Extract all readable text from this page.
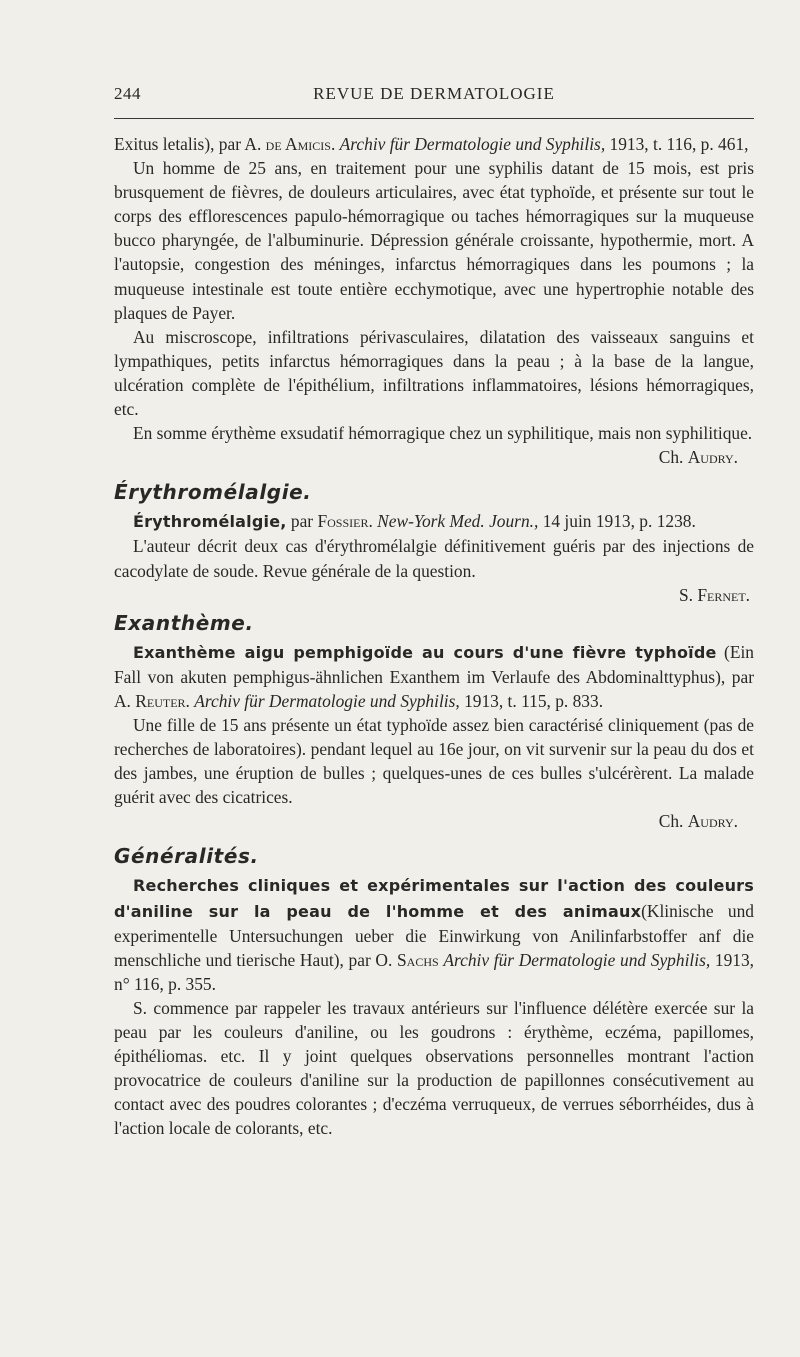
244	REVUE DE DERMATOLOGIE

Exitus letalis), par A. de Amicis. Archiv für Dermatologie und Syphilis, 1913, t. 116, p. 461,

Un homme de 25 ans, en traitement pour une syphilis datant de 15 mois, est pris brusquement de fièvres, de douleurs articulaires, avec état typhoïde, et présente sur tout le corps des efflorescences papulo-hémorragique ou taches hémorragiques sur la muqueuse bucco pharyngée, de l'albuminurie. Dépression générale croissante, hypothermie, mort. A l'autopsie, congestion des méninges, infarctus hémorragiques dans les poumons ; la muqueuse intestinale est toute entière ecchymotique, avec une hypertrophie notable des plaques de Payer.

Au miscroscope, infiltrations périvasculaires, dilatation des vaisseaux sanguins et lympathiques, petits infarctus hémorragiques dans la peau ; à la base de la langue, ulcération complète de l'épithélium, infiltrations inflammatoires, lésions hémorragiques, etc.

En somme érythème exsudatif hémorragique chez un syphilitique, mais non syphilitique.

Ch. Audry.

Érythromélalgie.

Érythromélalgie, par Fossier. New-York Med. Journ., 14 juin 1913, p. 1238.

L'auteur décrit deux cas d'érythromélalgie définitivement guéris par des injections de cacodylate de soude. Revue générale de la question.

S. Fernet.

Exanthème.

Exanthème aigu pemphigoïde au cours d'une fièvre typhoïde (Ein Fall von akuten pemphigus-ähnlichen Exanthem im Verlaufe des Abdominalttyphus), par A. Reuter. Archiv für Dermatologie und Syphilis, 1913, t. 115, p. 833.

Une fille de 15 ans présente un état typhoïde assez bien caractérisé cliniquement (pas de recherches de laboratoires). pendant lequel au 16e jour, on vit survenir sur la peau du dos et des jambes, une éruption de bulles ; quelques-unes de ces bulles s'ulcérèrent. La malade guérit avec des cicatrices.

Ch. Audry.

Généralités.

Recherches cliniques et expérimentales sur l'action des couleurs d'aniline sur la peau de l'homme et des animaux(Klinische und experimentelle Untersuchungen ueber die Einwirkung von Anilinfarbstoffer anf die menschliche und tierische Haut), par O. Sachs Archiv für Dermatologie und Syphilis, 1913, n° 116, p. 355.

S. commence par rappeler les travaux antérieurs sur l'influence délétère exercée sur la peau par les couleurs d'aniline, ou les goudrons : érythème, eczéma, papillomes, épithéliomas. etc. Il y joint quelques observations personnelles montrant l'action provocatrice de couleurs d'aniline sur la production de papillonnes consécutivement au contact avec des poudres colorantes ; d'eczéma verruqueux, de verrues séborrhéides, dus à l'action locale de colorants, etc.
